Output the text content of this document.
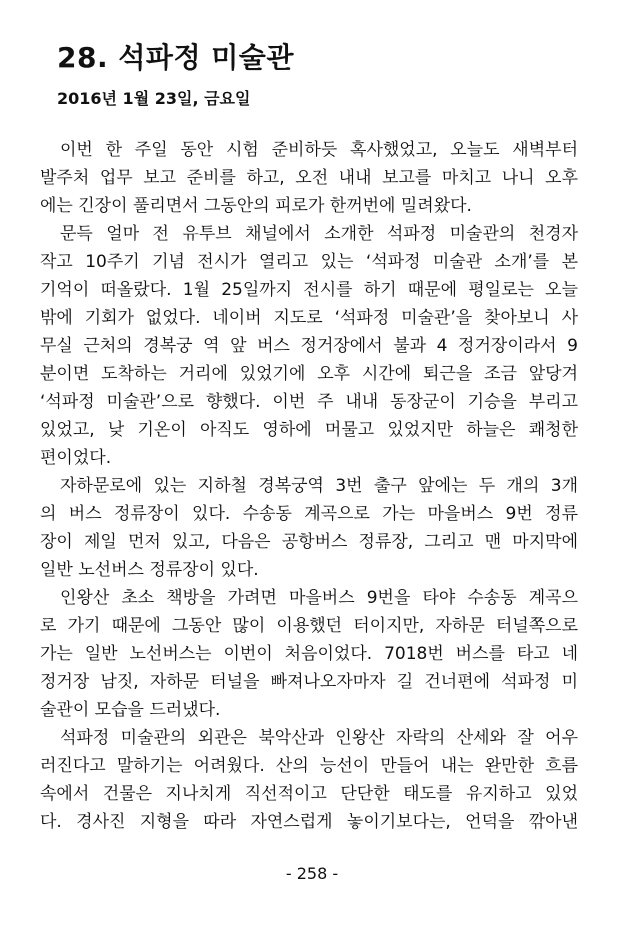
28. 석파정 미술관
2016년 1월 23일, 금요일
이번 한 주일 동안 시험 준비하듯 혹사했었고, 오늘도 새벽부터
발주처 업무 보고 준비를 하고, 오전 내내 보고를 마치고 나니 오후
에는 긴장이 풀리면서 그동안의 피로가 한꺼번에 밀려왔다.
문득 얼마 전 유투브 채널에서 소개한 석파정 미술관의 천경자
작고 10주기 기념 전시가 열리고 있는 ‘석파정 미술관 소개’를 본
기억이 떠올랐다. 1월 25일까지 전시를 하기 때문에 평일로는 오늘
밖에 기회가 없었다. 네이버 지도로 ‘석파정 미술관’을 찾아보니 사
무실 근처의 경복궁 역 앞 버스 정거장에서 불과 4 정거장이라서 9
분이면 도착하는 거리에 있었기에 오후 시간에 퇴근을 조금 앞당겨
‘석파정 미술관’으로 향했다. 이번 주 내내 동장군이 기승을 부리고
있었고, 낮 기온이 아직도 영하에 머물고 있었지만 하늘은 쾌청한
편이었다.
자하문로에 있는 지하철 경복궁역 3번 출구 앞에는 두 개의 3개
의 버스 정류장이 있다. 수송동 계곡으로 가는 마을버스 9번 정류
장이 제일 먼저 있고, 다음은 공항버스 정류장, 그리고 맨 마지막에
일반 노선버스 정류장이 있다.
인왕산 초소 책방을 가려면 마을버스 9번을 타야 수송동 계곡으
로 가기 때문에 그동안 많이 이용했던 터이지만, 자하문 터널쪽으로
가는 일반 노선버스는 이번이 처음이었다. 7018번 버스를 타고 네
정거장 남짓, 자하문 터널을 빠져나오자마자 길 건너편에 석파정 미
술관이 모습을 드러냈다.
석파정 미술관의 외관은 북악산과 인왕산 자락의 산세와 잘 어우
러진다고 말하기는 어려웠다. 산의 능선이 만들어 내는 완만한 흐름
속에서 건물은 지나치게 직선적이고 단단한 태도를 유지하고 있었
다. 경사진 지형을 따라 자연스럽게 놓이기보다는, 언덕을 깎아낸
- 258 -
